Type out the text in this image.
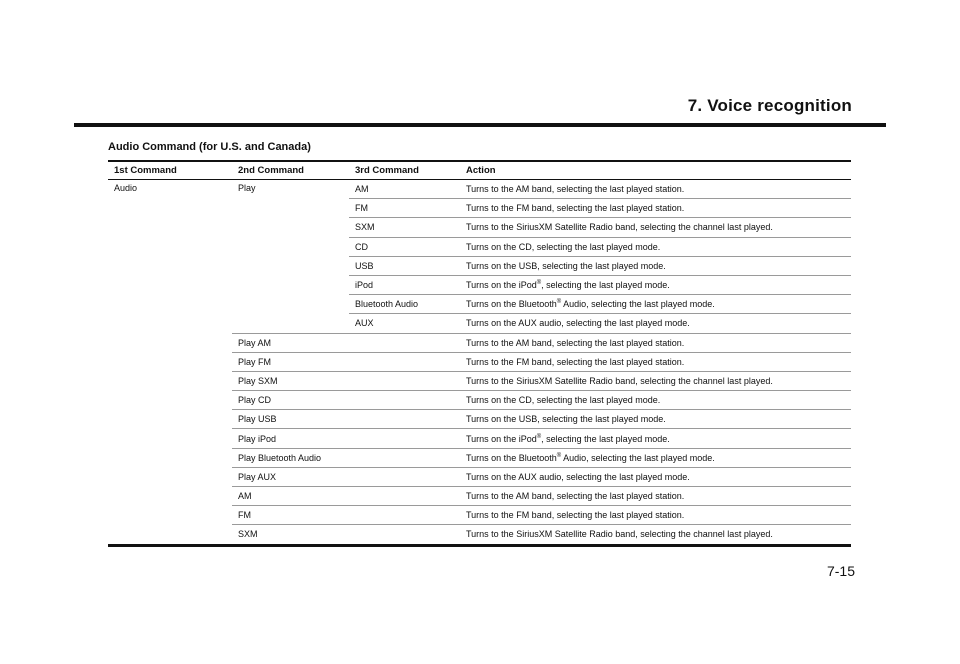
7. Voice recognition
Audio Command (for U.S. and Canada)
1st Command	2nd Command	3rd Command	Action
Audio	Play	AM	Turns to the AM band, selecting the last played station.
		FM	Turns to the FM band, selecting the last played station.
		SXM	Turns to the SiriusXM Satellite Radio band, selecting the channel last played.
		CD	Turns on the CD, selecting the last played mode.
		USB	Turns on the USB, selecting the last played mode.
		iPod	Turns on the iPod®, selecting the last played mode.
		Bluetooth Audio	Turns on the Bluetooth® Audio, selecting the last played mode.
		AUX	Turns on the AUX audio, selecting the last played mode.
	Play AM		Turns to the AM band, selecting the last played station.
	Play FM		Turns to the FM band, selecting the last played station.
	Play SXM		Turns to the SiriusXM Satellite Radio band, selecting the channel last played.
	Play CD		Turns on the CD, selecting the last played mode.
	Play USB		Turns on the USB, selecting the last played mode.
	Play iPod		Turns on the iPod®, selecting the last played mode.
	Play Bluetooth Audio		Turns on the Bluetooth® Audio, selecting the last played mode.
	Play AUX		Turns on the AUX audio, selecting the last played mode.
	AM		Turns to the AM band, selecting the last played station.
	FM		Turns to the FM band, selecting the last played station.
	SXM		Turns to the SiriusXM Satellite Radio band, selecting the channel last played.

7-15
